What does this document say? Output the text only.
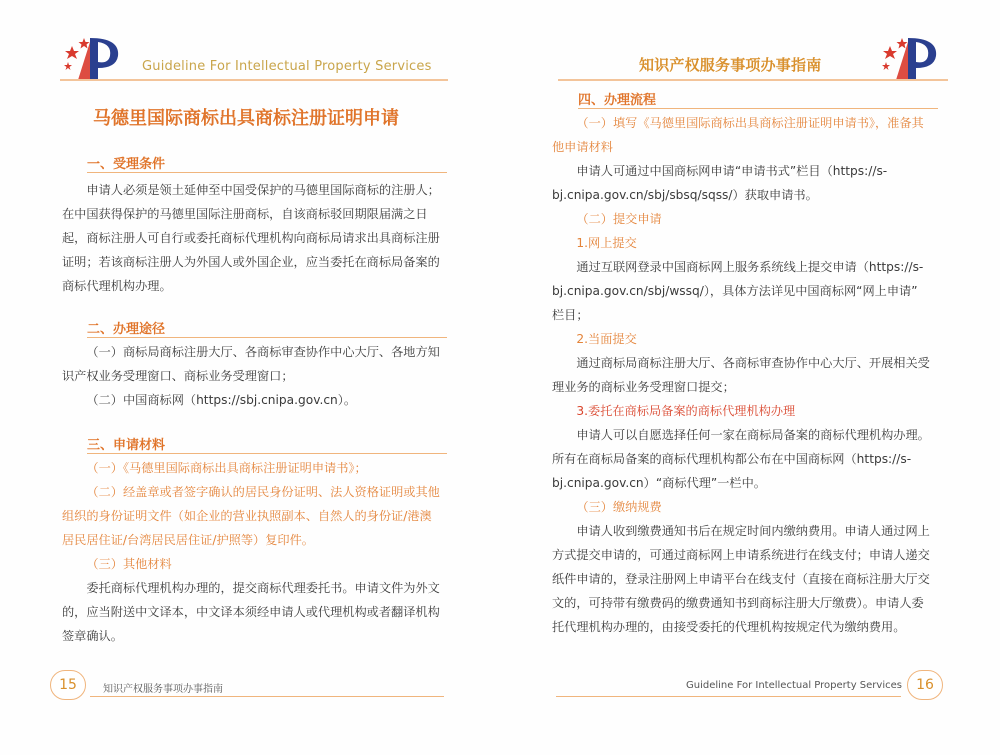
Guideline For Intellectual Property Services
马德里国际商标出具商标注册证明申请
一、受理条件

申请人必须是领土延伸至中国受保护的马德里国际商标的注册人；

在中国获得保护的马德里国际注册商标，自该商标驳回期限届满之日

起，商标注册人可自行或委托商标代理机构向商标局请求出具商标注册

证明；若该商标注册人为外国人或外国企业，应当委托在商标局备案的

商标代理机构办理。

二、办理途径

（一）商标局商标注册大厅、各商标审查协作中心大厅、各地方知

识产权业务受理窗口、商标业务受理窗口；

（二）中国商标网（https://sbj.cnipa.gov.cn）。

三、申请材料

（一）《马德里国际商标出具商标注册证明申请书》；

（二）经盖章或者签字确认的居民身份证明、法人资格证明或其他

组织的身份证明文件（如企业的营业执照副本、自然人的身份证/港澳

居民居住证/台湾居民居住证/护照等）复印件。

（三）其他材料

委托商标代理机构办理的，提交商标代理委托书。申请文件为外文

的，应当附送中文译本，中文译本须经申请人或代理机构或者翻译机构

签章确认。

15	知识产权服务事项办事指南
知识产权服务事项办事指南
四、办理流程

（一）填写《马德里国际商标出具商标注册证明申请书》，准备其

他申请材料

申请人可通过中国商标网申请“申请书式”栏目（https://s-

bj.cnipa.gov.cn/sbj/sbsq/sqss/）获取申请书。

（二）提交申请

1.网上提交

通过互联网登录中国商标网上服务系统线上提交申请（https://s-

bj.cnipa.gov.cn/sbj/wssq/），具体方法详见中国商标网“网上申请”

栏目；

2.当面提交

通过商标局商标注册大厅、各商标审查协作中心大厅、开展相关受

理业务的商标业务受理窗口提交；

3.委托在商标局备案的商标代理机构办理

申请人可以自愿选择任何一家在商标局备案的商标代理机构办理。

所有在商标局备案的商标代理机构都公布在中国商标网（https://s-

bj.cnipa.gov.cn）“商标代理”一栏中。

（三）缴纳规费

申请人收到缴费通知书后在规定时间内缴纳费用。申请人通过网上

方式提交申请的，可通过商标网上申请系统进行在线支付；申请人递交

纸件申请的，登录注册网上申请平台在线支付（直接在商标注册大厅交

文的，可持带有缴费码的缴费通知书到商标注册大厅缴费）。申请人委

托代理机构办理的，由接受委托的代理机构按规定代为缴纳费用。

Guideline For Intellectual Property Services	16
